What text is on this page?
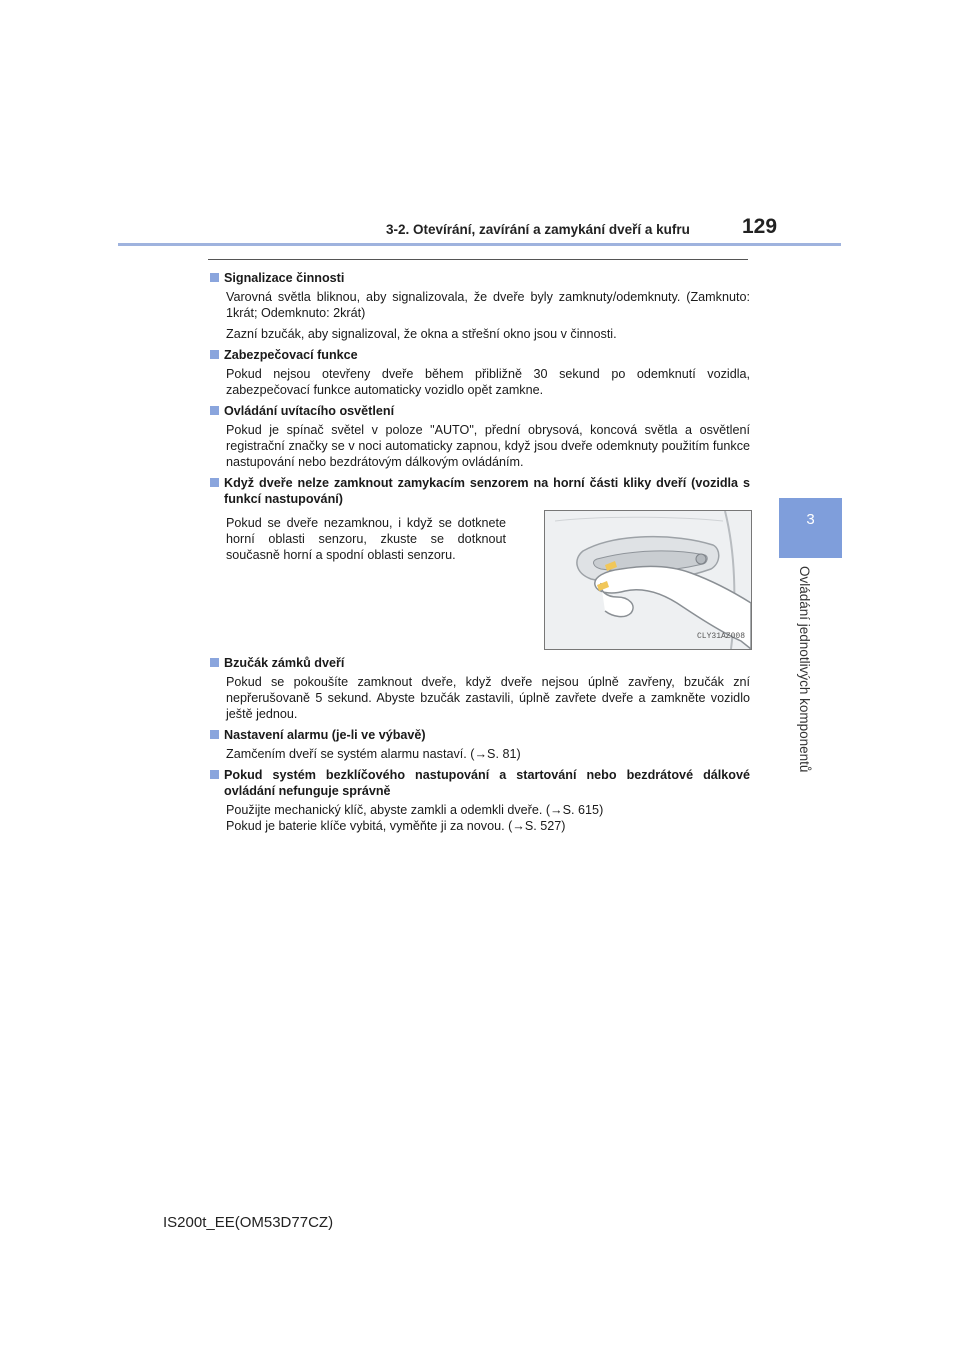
3-2. Otevírání, zavírání a zamykání dveří a kufru 129
3
Ovládání jednotlivých komponentů
Signalizace činnosti

Varovná světla bliknou, aby signalizovala, že dveře byly zamknuty/odemknuty. (Zamknuto: 1krát; Odemknuto: 2krát)

Zazní bzučák, aby signalizoval, že okna a střešní okno jsou v činnosti.

Zabezpečovací funkce

Pokud nejsou otevřeny dveře během přibližně 30 sekund po odemknutí vozidla, zabezpečovací funkce automaticky vozidlo opět zamkne.

Ovládání uvítacího osvětlení

Pokud je spínač světel v poloze "AUTO", přední obrysová, koncová světla a osvětlení registrační značky se v noci automaticky zapnou, když jsou dveře odemknuty použitím funkce nastupování nebo bezdrátovým dálkovým ovládáním.

Když dveře nelze zamknout zamykacím senzorem na horní části kliky dveří (vozidla s funkcí nastupování)
Pokud se dveře nezamknou, i když se dotknete horní oblasti senzoru, zkuste se dotknout současně horní a spodní oblasti senzoru.
CLY31AZ008
Bzučák zámků dveří

Pokud se pokoušíte zamknout dveře, když dveře nejsou úplně zavřeny, bzučák zní nepřerušovaně 5 sekund. Abyste bzučák zastavili, úplně zavřete dveře a zamkněte vozidlo ještě jednou.

Nastavení alarmu (je-li ve výbavě)

Zamčením dveří se systém alarmu nastaví. (→S. 81)

Pokud systém bezklíčového nastupování a startování nebo bezdrátové dálkové ovládání nefunguje správně

Použijte mechanický klíč, abyste zamkli a odemkli dveře. (→S. 615)

Pokud je baterie klíče vybitá, vyměňte ji za novou. (→S. 527)

IS200t_EE(OM53D77CZ)
